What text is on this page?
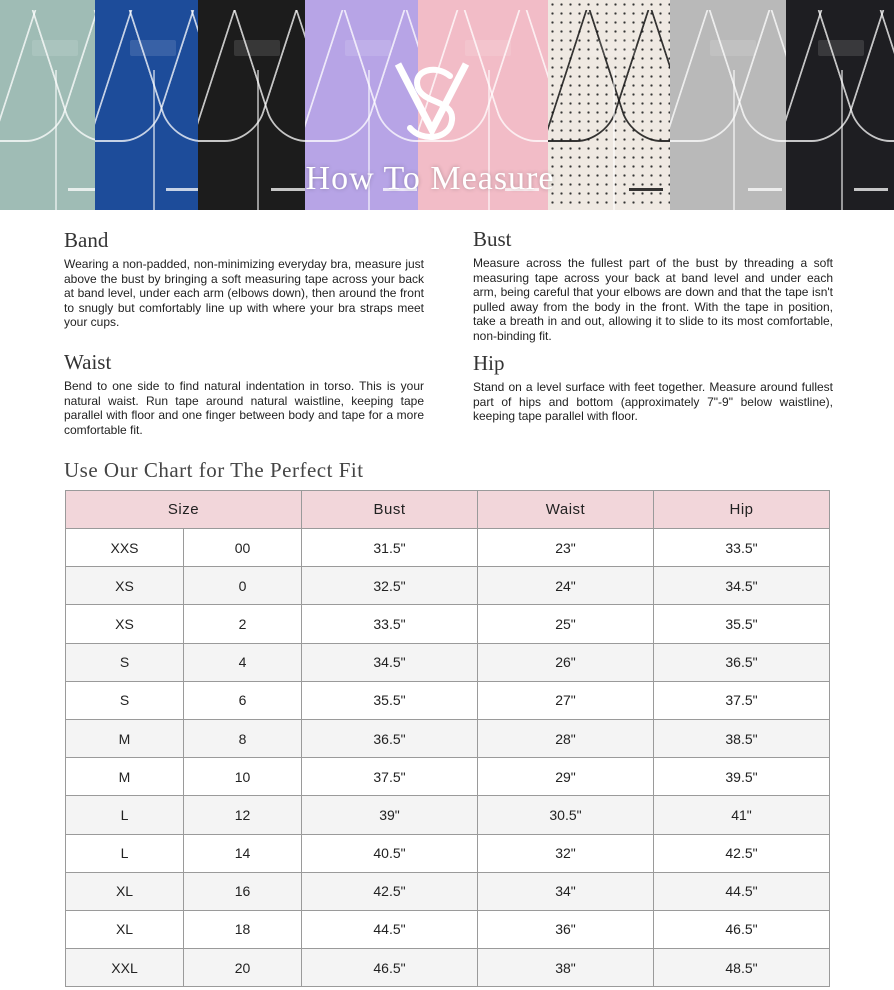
How To Measure
Band

Wearing a non-padded, non-minimizing everyday bra, measure just above the bust by bringing a soft measuring tape across your back at band level, under each arm (elbows down), then around the front to snugly but comfortably line up with where your bra straps meet your cups.

Bust

Measure across the fullest part of the bust by threading a soft measuring tape across your back at band level and under each arm, being careful that your elbows are down and that the tape isn't pulled away from the body in the front. With the tape in position, take a breath in and out, allowing it to slide to its most comfortable, non-binding fit.

Waist

Bend to one side to find natural indentation in torso. This is your natural waist. Run tape around natural waistline, keeping tape parallel with floor and one finger between body and tape for a more comfortable fit.

Hip

Stand on a level surface with feet together. Measure around fullest part of hips and bottom (approximately 7"-9" below waistline), keeping tape parallel with floor.

Use Our Chart for The Perfect Fit
Size		Bust	Waist	Hip
XXS	00	31.5"	23"	33.5"
XS	0	32.5"	24"	34.5"
XS	2	33.5"	25"	35.5"
S	4	34.5"	26"	36.5"
S	6	35.5"	27"	37.5"
M	8	36.5"	28"	38.5"
M	10	37.5"	29"	39.5"
L	12	39"	30.5"	41"
L	14	40.5"	32"	42.5"
XL	16	42.5"	34"	44.5"
XL	18	44.5"	36"	46.5"
XXL	20	46.5"	38"	48.5"
